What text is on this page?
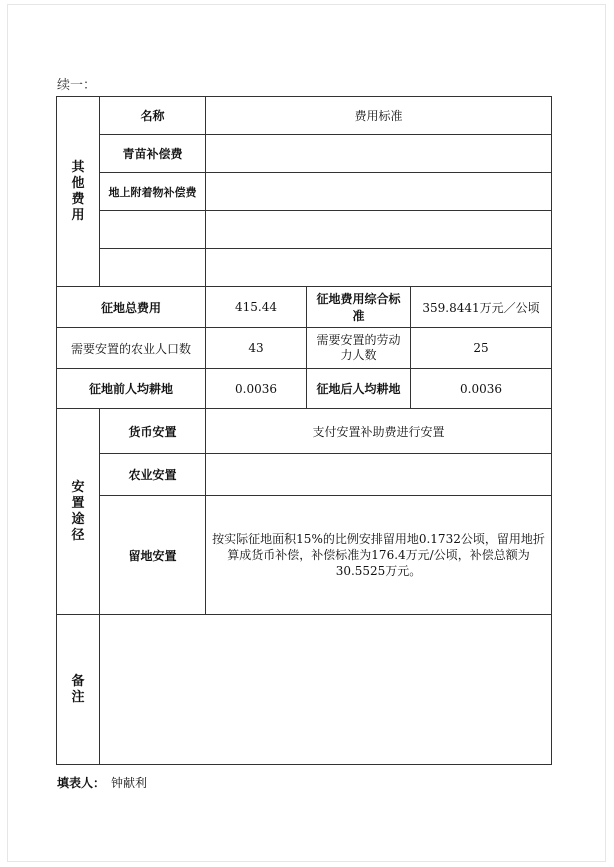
续一：
其
他
费
用	名称	费用标准		
	青苗补偿费			
	地上附着物补偿费			

征地总费用		415.44	征地费用综合标准	359.8441万元／公顷
需要安置的农业人口数		43	需要安置的劳动力人数	25
征地前人均耕地		0.0036	征地后人均耕地	0.0036

安
置
途
径	货币安置	支付安置补助费进行安置		
	农业安置			
	留地安置	按实际征地面积15%的比例安排留用地0.1732公顷，留用地折算成货币补偿，补偿标准为176.4万元/公顷，补偿总额为30.5525万元。		

备
注				

填表人： 钟献利
